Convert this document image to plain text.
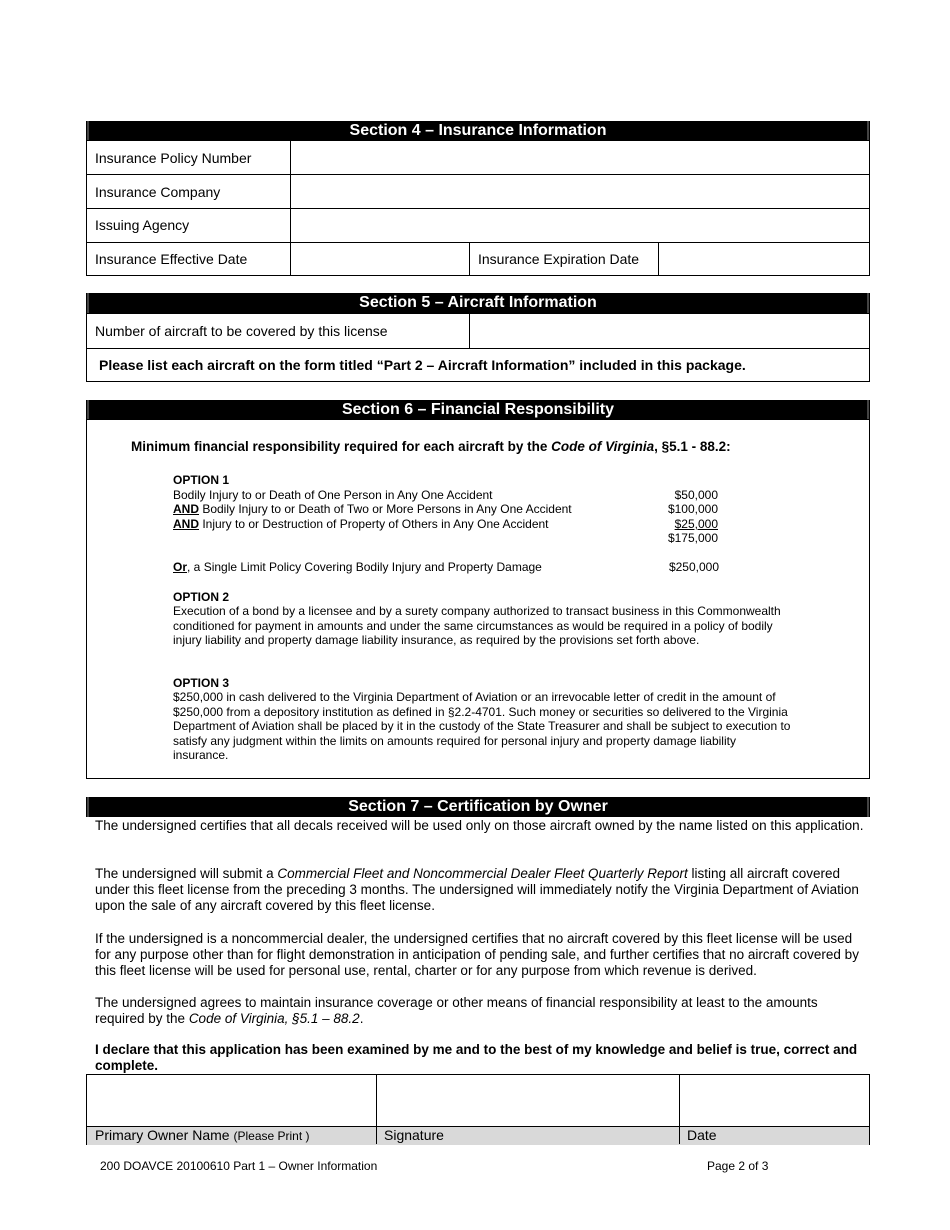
Section 4 – Insurance Information
Insurance Policy Number
Insurance Company
Issuing Agency
Insurance Effective Date	Insurance Expiration Date
Section 5 – Aircraft Information
Number of aircraft to be covered by this license
Please list each aircraft on the form titled “Part 2 – Aircraft Information” included in this package.
Section 6 – Financial Responsibility
Minimum financial responsibility required for each aircraft by the Code of Virginia, §5.1 - 88.2:
OPTION 1
Bodily Injury to or Death of One Person in Any One Accident	$50,000
AND Bodily Injury to or Death of Two or More Persons in Any One Accident	$100,000
AND Injury to or Destruction of Property of Others in Any One Accident	$25,000
$175,000
Or, a Single Limit Policy Covering Bodily Injury and Property Damage	$250,000
OPTION 2
Execution of a bond by a licensee and by a surety company authorized to transact business in this Commonwealth conditioned for payment in amounts and under the same circumstances as would be required in a policy of bodily injury liability and property damage liability insurance, as required by the provisions set forth above.
OPTION 3
$250,000 in cash delivered to the Virginia Department of Aviation or an irrevocable letter of credit in the amount of $250,000 from a depository institution as defined in §2.2-4701. Such money or securities so delivered to the Virginia Department of Aviation shall be placed by it in the custody of the State Treasurer and shall be subject to execution to satisfy any judgment within the limits on amounts required for personal injury and property damage liability insurance.
Section 7 – Certification by Owner

The undersigned certifies that all decals received will be used only on those aircraft owned by the name listed on this application.

The undersigned will submit a Commercial Fleet and Noncommercial Dealer Fleet Quarterly Report listing all aircraft covered under this fleet license from the preceding 3 months. The undersigned will immediately notify the Virginia Department of Aviation upon the sale of any aircraft covered by this fleet license.

If the undersigned is a noncommercial dealer, the undersigned certifies that no aircraft covered by this fleet license will be used for any purpose other than for flight demonstration in anticipation of pending sale, and further certifies that no aircraft covered by this fleet license will be used for personal use, rental, charter or for any purpose from which revenue is derived.

The undersigned agrees to maintain insurance coverage or other means of financial responsibility at least to the amounts required by the Code of Virginia, §5.1 – 88.2.

I declare that this application has been examined by me and to the best of my knowledge and belief is true, correct and complete.

Primary Owner Name (Please Print )	Signature	Date
200 DOAVCE 20100610 Part 1 – Owner Information	Page 2 of 3
